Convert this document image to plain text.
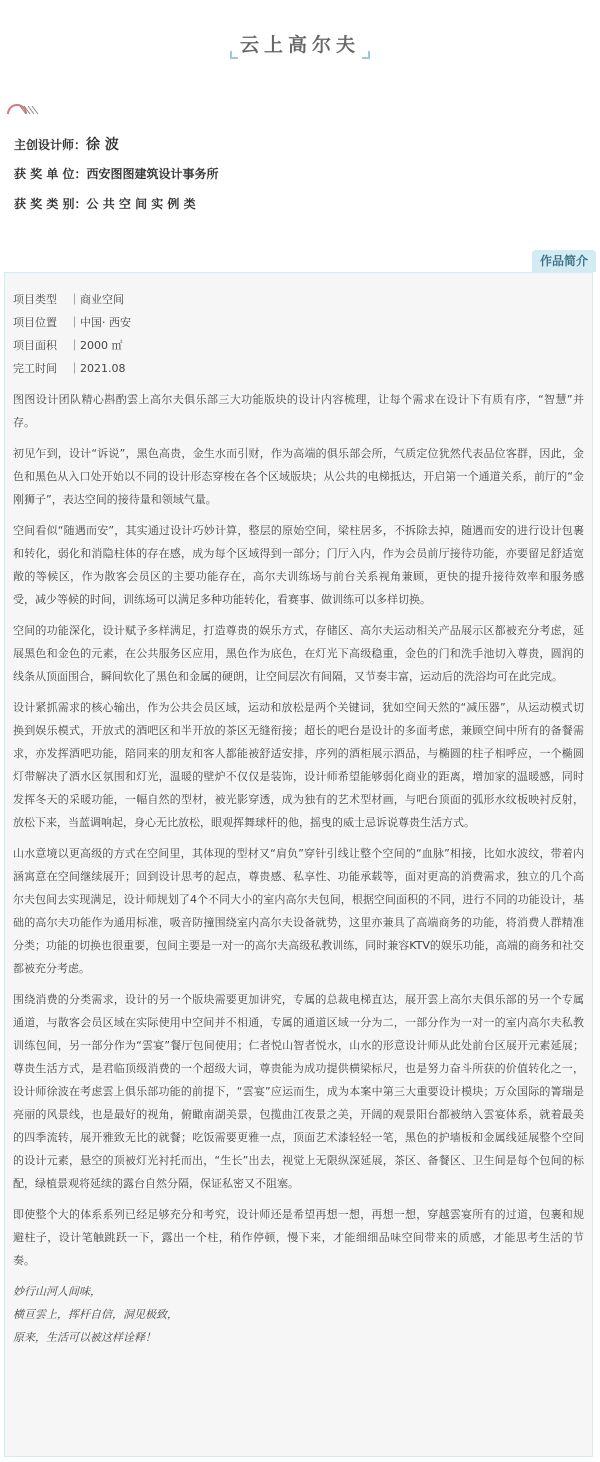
云上高尔夫
主创设计师：徐 波
获 奖 单 位：西安图图建筑设计事务所
获 奖 类 别：公 共 空 间 实 例 类
作品简介
项目类型 ｜商业空间
项目位置 ｜中国· 西安
项目面积 ｜2000 ㎡
完工时间 ｜2021.08

图图设计团队精心斟酌雲上高尔夫俱乐部三大功能版块的设计内容梳理，让每个需求在设计下有质有序，“智慧”并存。

初见乍到，设计“诉说”，黑色高贵，金生水而引财，作为高端的俱乐部会所，气质定位犹然代表品位客群，因此，金色和黑色从入口处开始以不同的设计形态穿梭在各个区域版块；从公共的电梯抵达，开启第一个通道关系，前厅的“金刚狮子”，表达空间的接待量和领域气量。

空间看似“随遇而安”，其实通过设计巧妙计算，整层的原始空间，梁柱居多，不拆除去掉，随遇而安的进行设计包裹和转化，弱化和消隐柱体的存在感，成为每个区域得到一部分；门厅入内，作为会员前厅接待功能，亦要留足舒适宽敞的等候区，作为散客会员区的主要功能存在，高尔夫训练场与前台关系视角兼顾，更快的提升接待效率和服务感受，减少等候的时间，训练场可以满足多种功能转化，看赛事、做训练可以多样切换。

空间的功能深化，设计赋予多样满足，打造尊贵的娱乐方式，存储区、高尔夫运动相关产品展示区都被充分考虑，延展黑色和金色的元素，在公共服务区应用，黑色作为底色，在灯光下高级稳重，金色的门和洗手池切入尊贵，圆润的线条从顶面围合，瞬间软化了黑色和金属的硬朗，让空间层次有间隔，又节奏丰富，运动后的洗浴均可在此完成。

设计紧抓需求的核心输出，作为公共会员区域，运动和放松是两个关键词，犹如空间天然的“减压器”，从运动模式切换到娱乐模式，开放式的酒吧区和半开放的茶区无缝衔接；超长的吧台是设计的多面考虑，兼顾空间中所有的备餐需求，亦发挥酒吧功能，陪同来的朋友和客人都能被舒适安排，序列的酒柜展示酒品，与椭圆的柱子相呼应，一个椭圆灯带解决了酒水区氛围和灯光，温暖的壁炉不仅仅是装饰，设计师希望能够弱化商业的距离，增加家的温暖感，同时发挥冬天的采暖功能，一幅自然的型材，被光影穿透，成为独有的艺术型材画，与吧台顶面的弧形水纹板映衬反射，放松下来，当蓝调响起，身心无比放松，眼观挥舞球杆的他，摇曳的威士忌诉说尊贵生活方式。

山水意境以更高级的方式在空间里，其体现的型材又“肩负”穿针引线让整个空间的“血脉”相接，比如水波纹，带着内涵寓意在空间继续展开；回到设计思考的起点，尊贵感、私享性、功能承载等，面对更高的消费需求，独立的几个高尔夫包间去实现满足，设计师规划了4个不同大小的室内高尔夫包间，根据空间面积的不同，进行不同的功能设计，基础的高尔夫功能作为通用标准，吸音防撞围绕室内高尔夫设备就势，这里亦兼具了高端商务的功能，将消费人群精准分类；功能的切换也很重要，包间主要是一对一的高尔夫高级私教训练，同时兼容KTV的娱乐功能，高端的商务和社交都被充分考虑。

围绕消费的分类需求，设计的另一个版块需要更加讲究，专属的总裁电梯直达，展开雲上高尔夫俱乐部的另一个专属通道，与散客会员区域在实际使用中空间并不相通，专属的通道区域一分为二，一部分作为一对一的室内高尔夫私教训练包间，另一部分作为“雲宴”餐厅包间使用；仁者悦山智者悦水，山水的形意设计师从此处前台区展开元素延展；尊贵生活方式，是君临顶级消费的一个超级大词，尊贵能为成功提供横梁标尺，也是努力奋斗所获的价值转化之一，设计师徐波在考虑雲上俱乐部功能的前提下，“雲宴”应运而生，成为本案中第三大重要设计模块；万众国际的箐瑞是亮丽的风景线，也是最好的视角，俯瞰南湖美景，包揽曲江夜景之美，开阔的观景阳台都被纳入雲宴体系，就着最美的四季流转，展开雅致无比的就餐；吃饭需要更雅一点，顶面艺术漆轻轻一笔，黑色的护墙板和金属线延展整个空间的设计元素，悬空的顶被灯光衬托而出，“生长”出去，视觉上无限纵深延展，茶区、备餐区、卫生间是每个包间的标配，绿植景观将延续的露台自然分隔，保证私密又不阻塞。

即使整个大的体系系列已经足够充分和考究，设计师还是希望再想一想，再想一想，穿越雲宴所有的过道，包裹和规避柱子，设计笔触跳跃一下，露出一个柱，稍作停顿，慢下来，才能细细品味空间带来的质感，才能思考生活的节奏。

妙行山河人间味，
横亘雲上，挥杆自信，洞见极致，
原来，生活可以被这样诠释！
